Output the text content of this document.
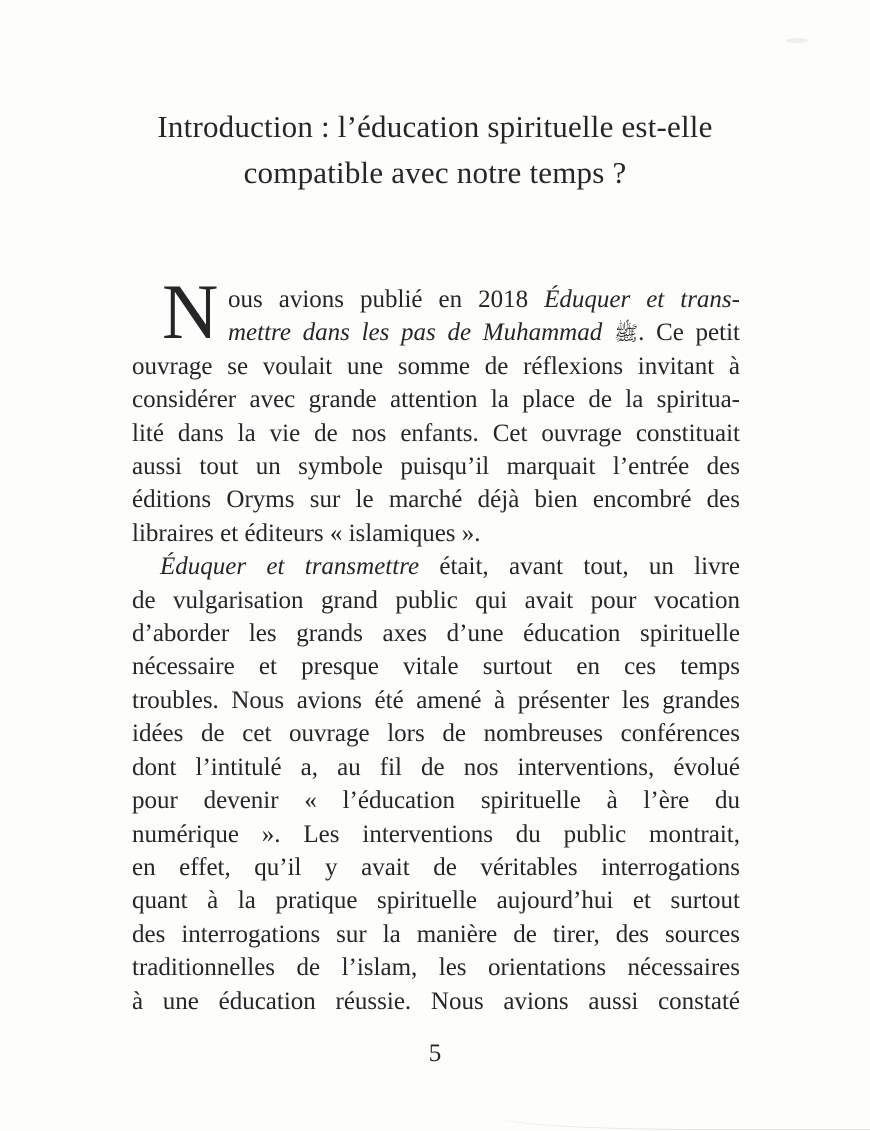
Introduction : l’éducation spirituelle est-elle
compatible avec notre temps ?
N ous avions publié en 2018 Éduquer et trans-
mettre dans les pas de Muhammad ﷺ. Ce petit
ouvrage se voulait une somme de réflexions invitant à
considérer avec grande attention la place de la spiritua-
lité dans la vie de nos enfants. Cet ouvrage constituait
aussi tout un symbole puisqu’il marquait l’entrée des
éditions Oryms sur le marché déjà bien encombré des
libraires et éditeurs « islamiques ».
Éduquer et transmettre était, avant tout, un livre
de vulgarisation grand public qui avait pour vocation
d’aborder les grands axes d’une éducation spirituelle
nécessaire et presque vitale surtout en ces temps
troubles. Nous avions été amené à présenter les grandes
idées de cet ouvrage lors de nombreuses conférences
dont l’intitulé a, au fil de nos interventions, évolué
pour devenir « l’éducation spirituelle à l’ère du
numérique ». Les interventions du public montrait,
en effet, qu’il y avait de véritables interrogations
quant à la pratique spirituelle aujourd’hui et surtout
des interrogations sur la manière de tirer, des sources
traditionnelles de l’islam, les orientations nécessaires
à une éducation réussie. Nous avions aussi constaté
5
